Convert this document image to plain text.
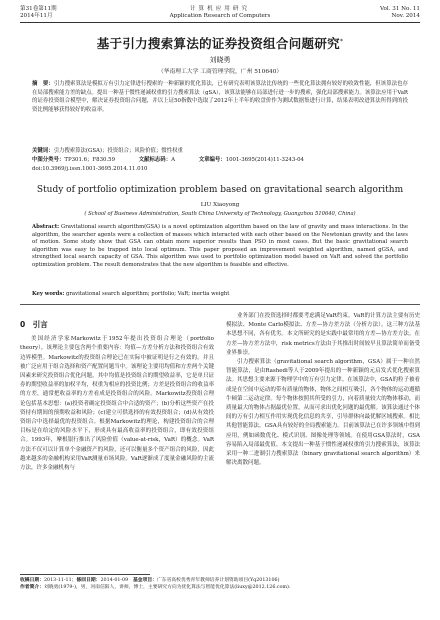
第31卷第11期
2014年11月
计算机应用研究
Application Research of Computers
Vol. 31 No. 11
Nov. 2014
基于引力搜索算法的证券投资组合问题研究*
刘晓勇
（华南理工大学 工商管理学院，广州 510640）
摘　要：引力搜索算法是模拟万有引力定律进行搜索的一种新颖的优化算法，已有研究表明该算法比传统的一些优化算法拥有较好的收敛性能，但该算法也存在局部搜索能力差的缺点。提出一种基于惯性递减权重的引力搜索算法（gSA），该算法能够在局部进行进一步的搜索，强化局部搜索能力。该算法应用于VaR的证券投资组合模型中，解决证券投资组合问题，并以上证50指数中选取了2012年上半年的收盘价作为测试数据集进行计算，结果表明改进算法所得到的投资比例能够获得较好的收益率。
关键词：引力搜索算法(GSA)；投资组合；风险价值；惯性权重
中图分类号：TP301.6；F830.59	文献标志码：A	文章编号：1001-3695(2014)11-3243-04
doi:10.3969/j.issn.1001-3695.2014.11.010
Study of portfolio optimization problem based on gravitational search algorithm
LIU Xiaoyong
( School of Business Administration, South China University of Technology, Guangzhou 510640, China)
Abstract: Gravitational search algorithm(GSA) is a novel optimization algorithm based on the law of gravity and mass interactions. In the algorithm, the searcher agents were a collection of masses which interacted with each other based on the Newtonian gravity and the laws of motion. Some study show that GSA can obtain more superior results than PSO in most cases. But the basic gravitational search algorithm was easy to be trapped into local optimum. This paper proposed an improvement weighted algorithm, named gGSA, and strengthed local search capacity of GSA. This algorithm was used to portfolio optimization model based on VaR and solved the portfolio optimization problem. The result demonstrates that the new algorithm is feasible and effective.
Key words: gravitational search algorithm; portfolio; VaR; inertia weight
0　引言

美国经济学家Markowitz于1952年提出投资组合理论（portfolio theory），该理论主要包含两个重要内容：均值—方差分析方法和投资组合有效边界模型。Markowitz的投资组合理论已在实际中被证明是行之有效的，并且被广泛应用于组合选择和资产配置问题当中。该理论主要用均值和方差两个关键因素来研究投资组合优化问题，其中均值是投资组合的期望收益率，它是单只证券的期望收益率的加权平均，权重为相应的投资比例；方差是投资组合的收益率的方差，通常把收益率的方差看成是投资组合的风险。Markowitz投资组合理论包括基本思想：(a)投资者确定投资组合中合适的资产；(b)分析这些资产在投资持有期间的预期收益和风险；(c)建立可供选择的有效投资组合；(d)从有效投资组合中选择最优的投资组合。根据Markowitz的理论，构建投资组合的合理目标是在给定的风险水平下，形成具有最高收益率的投资组合，即有效投资组合。1993年，摩根银行推出了风险价值（value-at-risk，VaR）的概念。VaR方法不仅可以计算单个金融资产的风险，还可以衡量多个资产组合的风险，因此越来越多的金融机构采用VaR测量市场风险。VaR逐渐成了度量金融风险的主流方法，许多金融机构与

业务部门在投资选择时都要考虑满足VaR约束。VaR的计算方法主要有历史模拟法、Monte Carlo模拟法、方差—协方差方法（分析方法）。这三种方法基本思想不同，各有优劣。本文所研究的是实践中最常用的方差—协方差方法。在方差—协方差方法中，risk metrics方法由于其推出时间较早且算法简单而备受业界推崇。

引力搜索算法（gravitational search algorithm，GSA）属于一种自然智能算法，是由Rashedi等人于2009年提出的一种新颖的元启发式优化搜索算法。其思想主要来源于物理学中的万有引力定律。在该算法中，GSA的粒子被看成是在空间中运动的带有质量的物体，物体之间相互吸引，各个物体的运动遵循牛顿第二运动定律。每个物体按照其所受的引力，向着质量较大的物体移动，而质量最大的物体占据最优位置，从而可求出优化问题的最优解。该算法通过个体间的万有引力相互作用实现优化信息的共享，引导群体向最优解区域搜索。相比其他智能算法，GSA具有较好的全局搜索能力。目前该算法已在许多领域中得到应用，例如函数优化、模式识别、图像处理等领域。在使用GSA算法时，GSA容易陷入局部最优值。本文提出一种基于惯性递减权重的引力搜索算法，该算法采用一种二进制引力搜索算法（binary gravitational search algorithm）来解决离散问题。

收稿日期：2013-11-11；修回日期：2014-01-09　 基金项目：广东省高校优秀青年教师培养计划资助项目(Yq2013106)
作者简介：刘晓勇(1979-)，男，河南信阳人，讲师，博士，主要研究方向为优化算法与智能优化算法(liuxy@2012.126.com).
